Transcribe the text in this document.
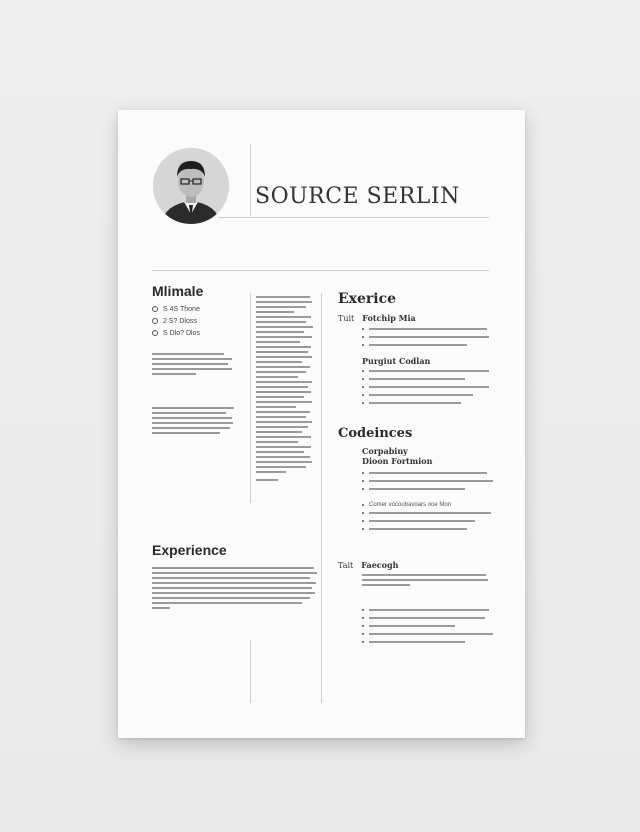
SOURCE SERLIN
Mlimale
S 4S Thone
2 S? Dloss
S Dlo? Dlos
Experience
Exerice
Tuit Fotchip Mia
Purgiut Codlan
Codeinces
Corpabiny
Dioon Fortmion
Comer vocoobavoars ooe Mon
Tait Faecogh
